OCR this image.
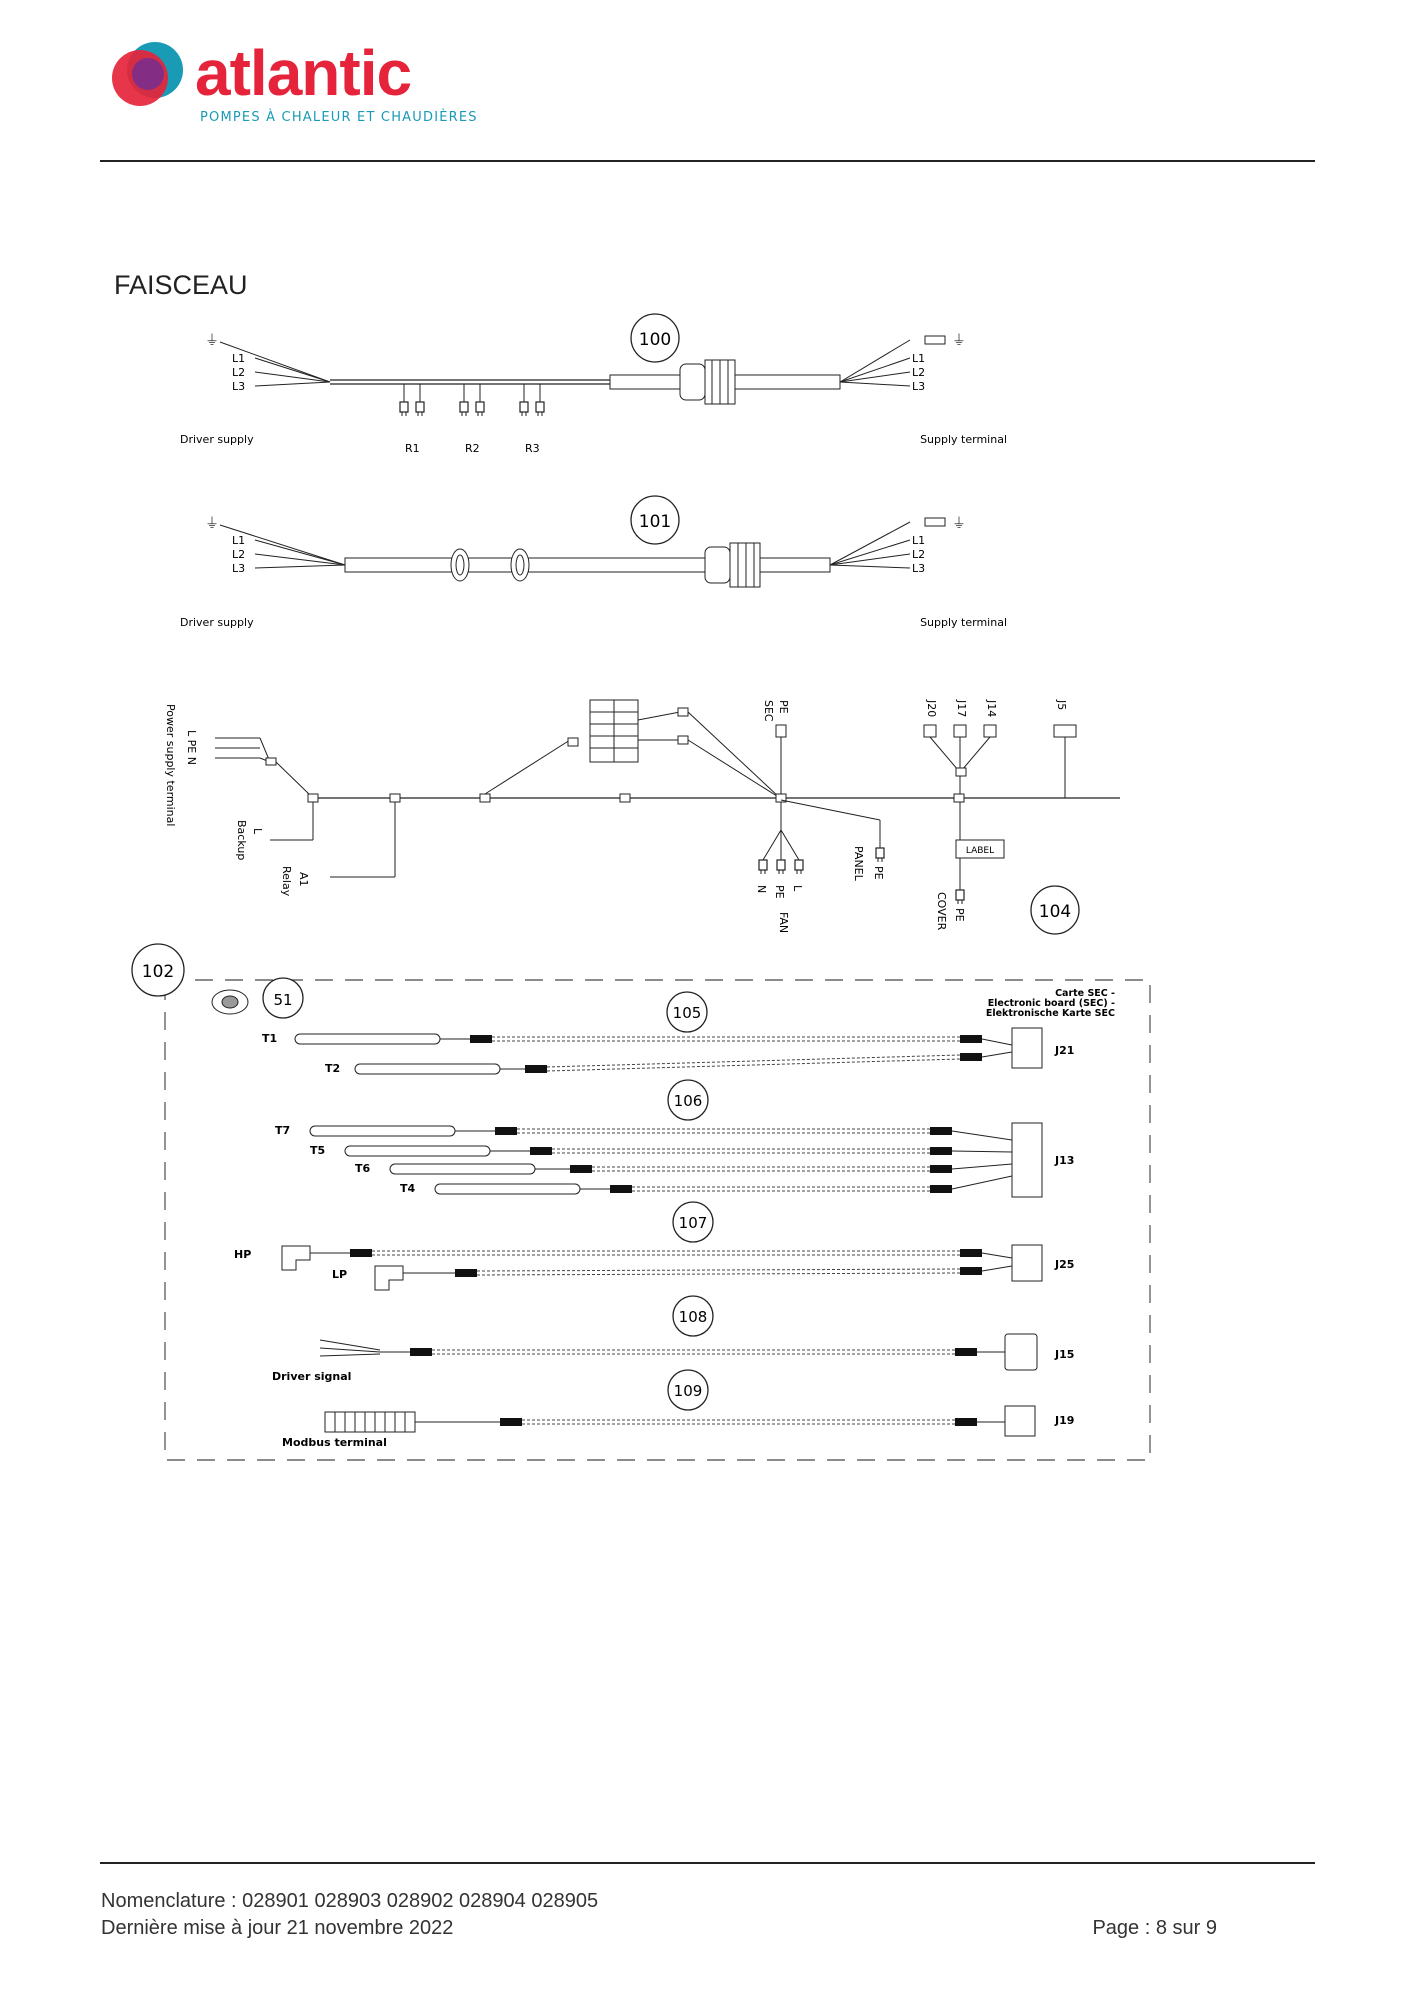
atlantic
POMPES À CHALEUR ET CHAUDIÈRES
FAISCEAU
100
⏚
L1
L2
L3
⏚
L1
L2
L3
R1	R2	R3
Driver supply	Supply terminal
101
⏚
L1
L2
L3
⏚
L1
L2
L3
Driver supply	Supply terminal
Power supply terminal L PE N
Backup L
Relay A1
SEC PE
N PE L
FAN
PE
PANEL
J20 J17 J14	J5
LABEL
PE
COVER	104
102
51	Carte SEC -
Electronic board (SEC) -
Elektronische Karte SEC
105
T1
T2
J21
106
T7
T5
T6
T4
J13
107
HP
LP
J25
108
J15
Driver signal
109
J19
Modbus terminal
Nomenclature : 028901 028903 028902 028904 028905
Dernière mise à jour 21 novembre 2022	Page : 8 sur 9
